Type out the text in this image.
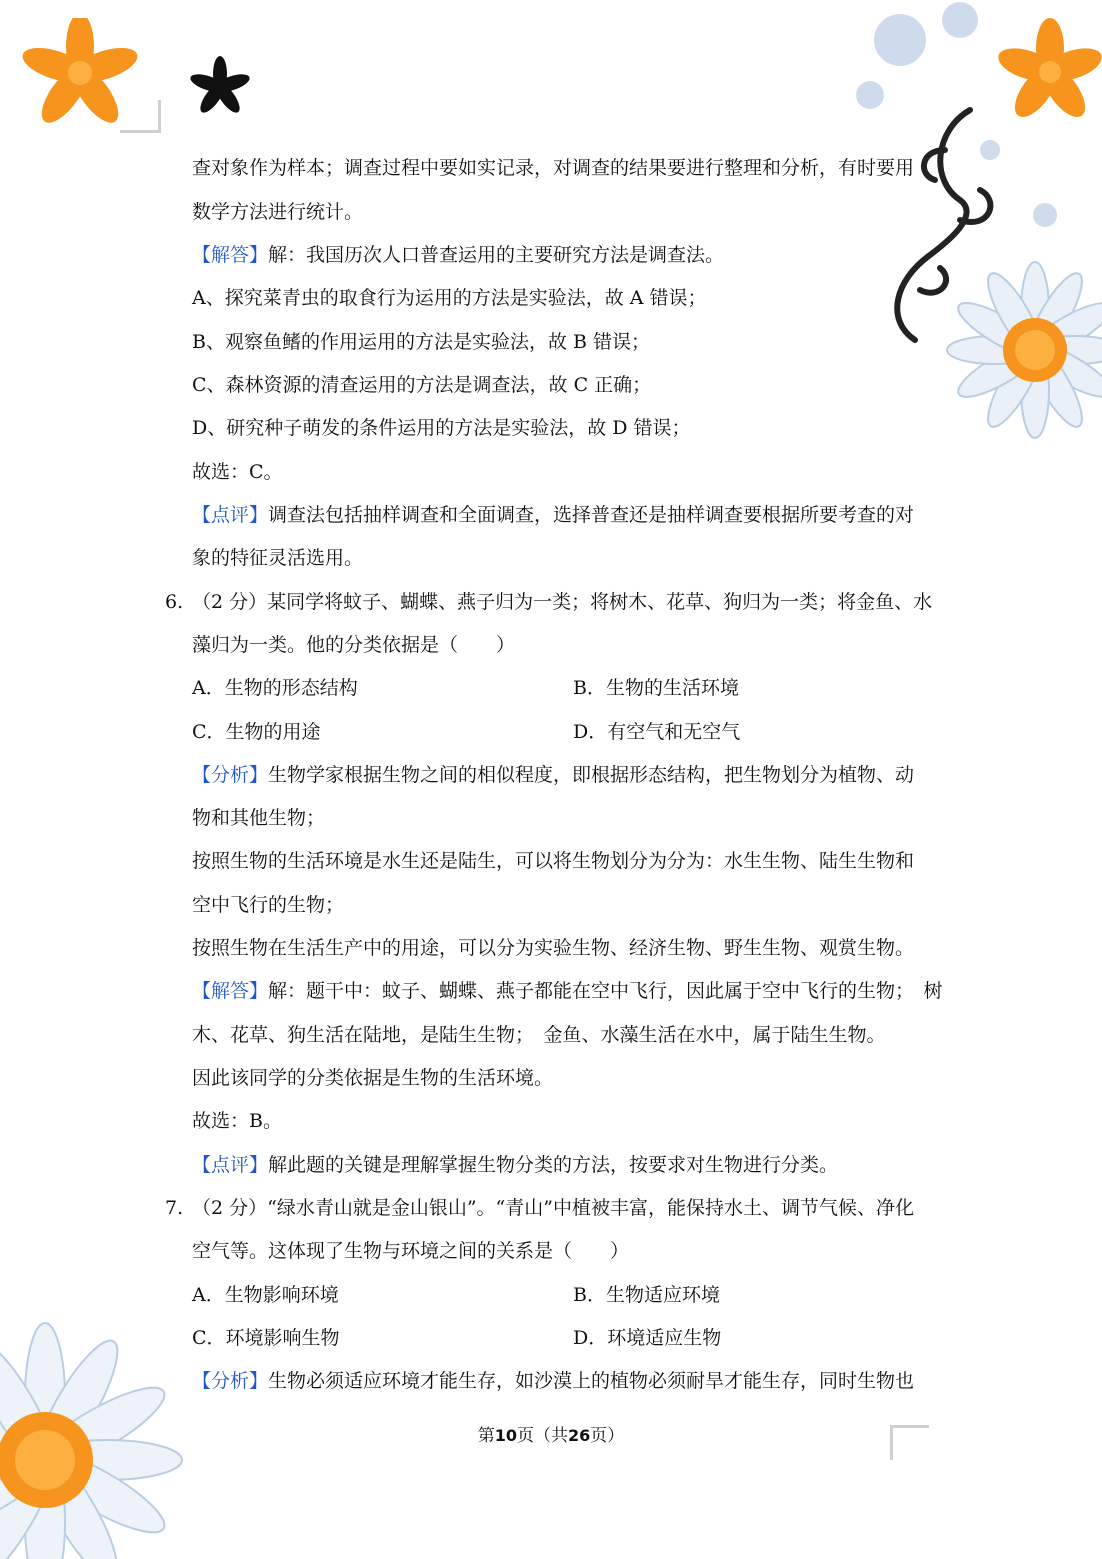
查对象作为样本；调查过程中要如实记录，对调查的结果要进行整理和分析，有时要用
数学方法进行统计。
【解答】解：我国历次人口普查运用的主要研究方法是调查法。
A、探究菜青虫的取食行为运用的方法是实验法，故 A 错误；
B、观察鱼鳍的作用运用的方法是实验法，故 B 错误；
C、森林资源的清查运用的方法是调查法，故 C 正确；
D、研究种子萌发的条件运用的方法是实验法，故 D 错误；
故选：C。
【点评】调查法包括抽样调查和全面调查，选择普查还是抽样调查要根据所要考查的对
象的特征灵活选用。
6. （2 分）某同学将蚊子、蝴蝶、燕子归为一类；将树木、花草、狗归为一类；将金鱼、水
藻归为一类。他的分类依据是（　　）
A．生物的形态结构	B．生物的生活环境
C．生物的用途	D．有空气和无空气
【分析】生物学家根据生物之间的相似程度，即根据形态结构，把生物划分为植物、动
物和其他生物；
按照生物的生活环境是水生还是陆生，可以将生物划分为分为：水生生物、陆生生物和
空中飞行的生物；
按照生物在生活生产中的用途，可以分为实验生物、经济生物、野生生物、观赏生物。
【解答】解：题干中：蚊子、蝴蝶、燕子都能在空中飞行，因此属于空中飞行的生物；　树
木、花草、狗生活在陆地，是陆生生物；　金鱼、水藻生活在水中，属于陆生生物。
因此该同学的分类依据是生物的生活环境。
故选：B。
【点评】解此题的关键是理解掌握生物分类的方法，按要求对生物进行分类。
7. （2 分）“绿水青山就是金山银山”。“青山”中植被丰富，能保持水土、调节气候、净化
空气等。这体现了生物与环境之间的关系是（　　）
A．生物影响环境	B．生物适应环境
C．环境影响生物	D．环境适应生物
【分析】生物必须适应环境才能生存，如沙漠上的植物必须耐旱才能生存，同时生物也
第10页（共26页）
